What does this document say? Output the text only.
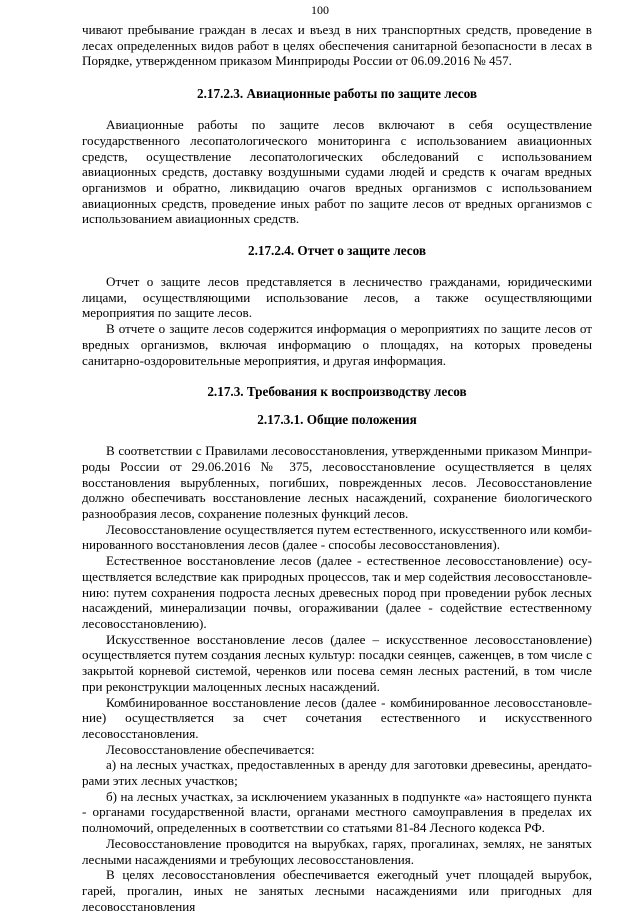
100

чивают пребывание граждан в лесах и въезд в них транспортных средств, проведение в лесах определенных видов работ в целях обеспечения санитарной безопасности в лесах в Порядке, утвержденном приказом Минприроды России от 06.09.2016 № 457.

2.17.2.3. Авиационные работы по защите лесов

Авиационные работы по защите лесов включают в себя осуществление государственного лесопатологического мониторинга с использованием авиационных средств, осуществление лесопатологических обследований с использованием авиационных средств, доставку воздушными судами людей и средств к очагам вредных организмов и обратно, ликвидацию очагов вредных организмов с использованием авиационных средств, проведение иных работ по защите лесов от вредных организмов с использованием авиационных средств.

2.17.2.4. Отчет о защите лесов

Отчет о защите лесов представляется в лесничество гражданами, юридическими лицами, осуществляющими использование лесов, а также осуществляющими мероприятия по защите лесов.

В отчете о защите лесов содержится информация о мероприятиях по защите лесов от вредных организмов, включая информацию о площадях, на которых проведены санитарно-оздоровительные мероприятия, и другая информация.

2.17.3. Требования к воспроизводству лесов
2.17.3.1. Общие положения

В соответствии с Правилами лесовосстановления, утвержденными приказом Минприроды России от 29.06.2016 № 375, лесовосстановление осуществляется в целях восстановления вырубленных, погибших, поврежденных лесов. Лесовосстановление должно обеспечивать восстановление лесных насаждений, сохранение биологического разнообразия лесов, сохранение полезных функций лесов.

Лесовосстановление осуществляется путем естественного, искусственного или комбинированного восстановления лесов (далее - способы лесовосстановления).

Естественное восстановление лесов (далее - естественное лесовосстановление) осуществляется вследствие как природных процессов, так и мер содействия лесовосстановлению: путем сохранения подроста лесных древесных пород при проведении рубок лесных насаждений, минерализации почвы, огораживании (далее - содействие естественному лесовосстановлению).

Искусственное восстановление лесов (далее – искусственное лесовосстановление) осуществляется путем создания лесных культур: посадки сеянцев, саженцев, в том числе с закрытой корневой системой, черенков или посева семян лесных растений, в том числе при реконструкции малоценных лесных насаждений.

Комбинированное восстановление лесов (далее - комбинированное лесовосстановление) осуществляется за счет сочетания естественного и искусственного лесовосстановления.

Лесовосстановление обеспечивается:

а) на лесных участках, предоставленных в аренду для заготовки древесины, арендаторами этих лесных участков;

б) на лесных участках, за исключением указанных в подпункте «а» настоящего пункта - органами государственной власти, органами местного самоуправления в пределах их полномочий, определенных в соответствии со статьями 81-84 Лесного кодекса РФ.

Лесовосстановление проводится на вырубках, гарях, прогалинах, землях, не занятых лесными насаждениями и требующих лесовосстановления.

В целях лесовосстановления обеспечивается ежегодный учет площадей вырубок, гарей, прогалин, иных не занятых лесными насаждениями или пригодных для лесовосстановления
